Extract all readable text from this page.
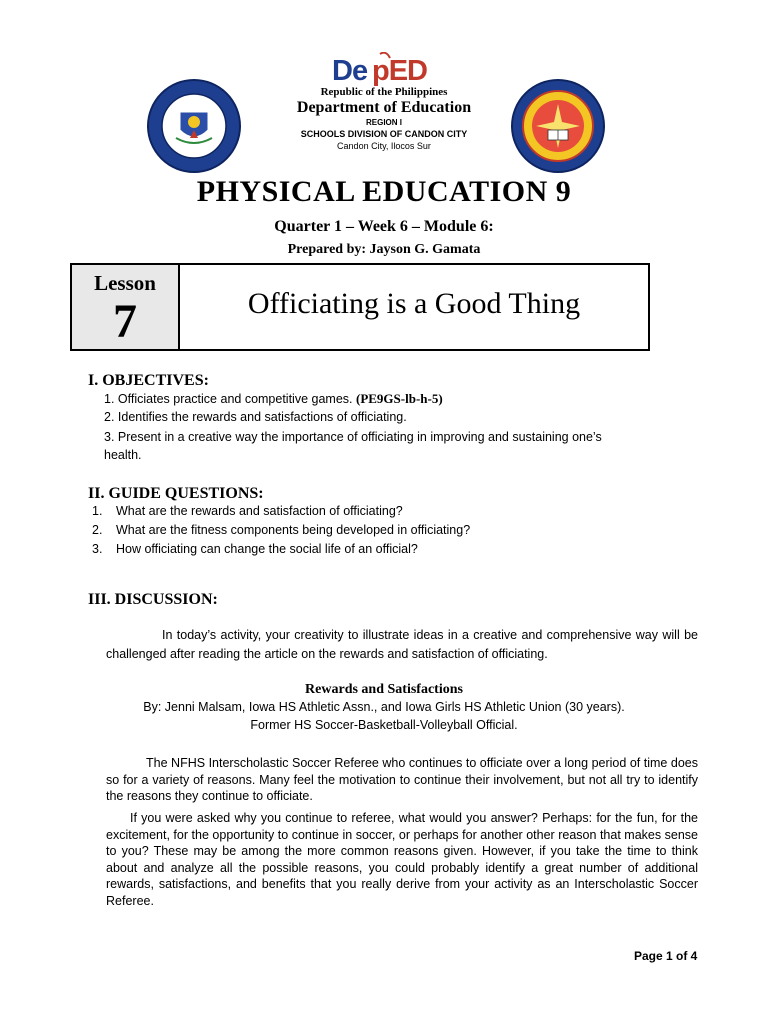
De pED
Republic of the Philippines
Department of Education
REGION I
SCHOOLS DIVISION OF CANDON CITY
Candon City, Ilocos Sur
PHYSICAL EDUCATION 9
Quarter 1 – Week 6 – Module 6:
Prepared by: Jayson G. Gamata
Lesson
7	Officiating is a Good Thing
I. OBJECTIVES:
1. Officiates practice and competitive games. (PE9GS-lb-h-5)
2. Identifies the rewards and satisfactions of officiating.
3. Present in a creative way the importance of officiating in improving and sustaining one’s
health.
II. GUIDE QUESTIONS:
1. What are the rewards and satisfaction of officiating?
2. What are the fitness components being developed in officiating?
3. How officiating can change the social life of an official?
III. DISCUSSION:
In today’s activity, your creativity to illustrate ideas in a creative and comprehensive way will be challenged after reading the article on the rewards and satisfaction of officiating.
Rewards and Satisfactions
By: Jenni Malsam, Iowa HS Athletic Assn., and Iowa Girls HS Athletic Union (30 years).
Former HS Soccer-Basketball-Volleyball Official.
The NFHS Interscholastic Soccer Referee who continues to officiate over a long period of time does so for a variety of reasons. Many feel the motivation to continue their involvement, but not all try to identify the reasons they continue to officiate.
If you were asked why you continue to referee, what would you answer? Perhaps: for the fun, for the excitement, for the opportunity to continue in soccer, or perhaps for another other reason that makes sense to you? These may be among the more common reasons given. However, if you take the time to think about and analyze all the possible reasons, you could probably identify a great number of additional rewards, satisfactions, and benefits that you really derive from your activity as an Interscholastic Soccer Referee.
Page 1 of 4
